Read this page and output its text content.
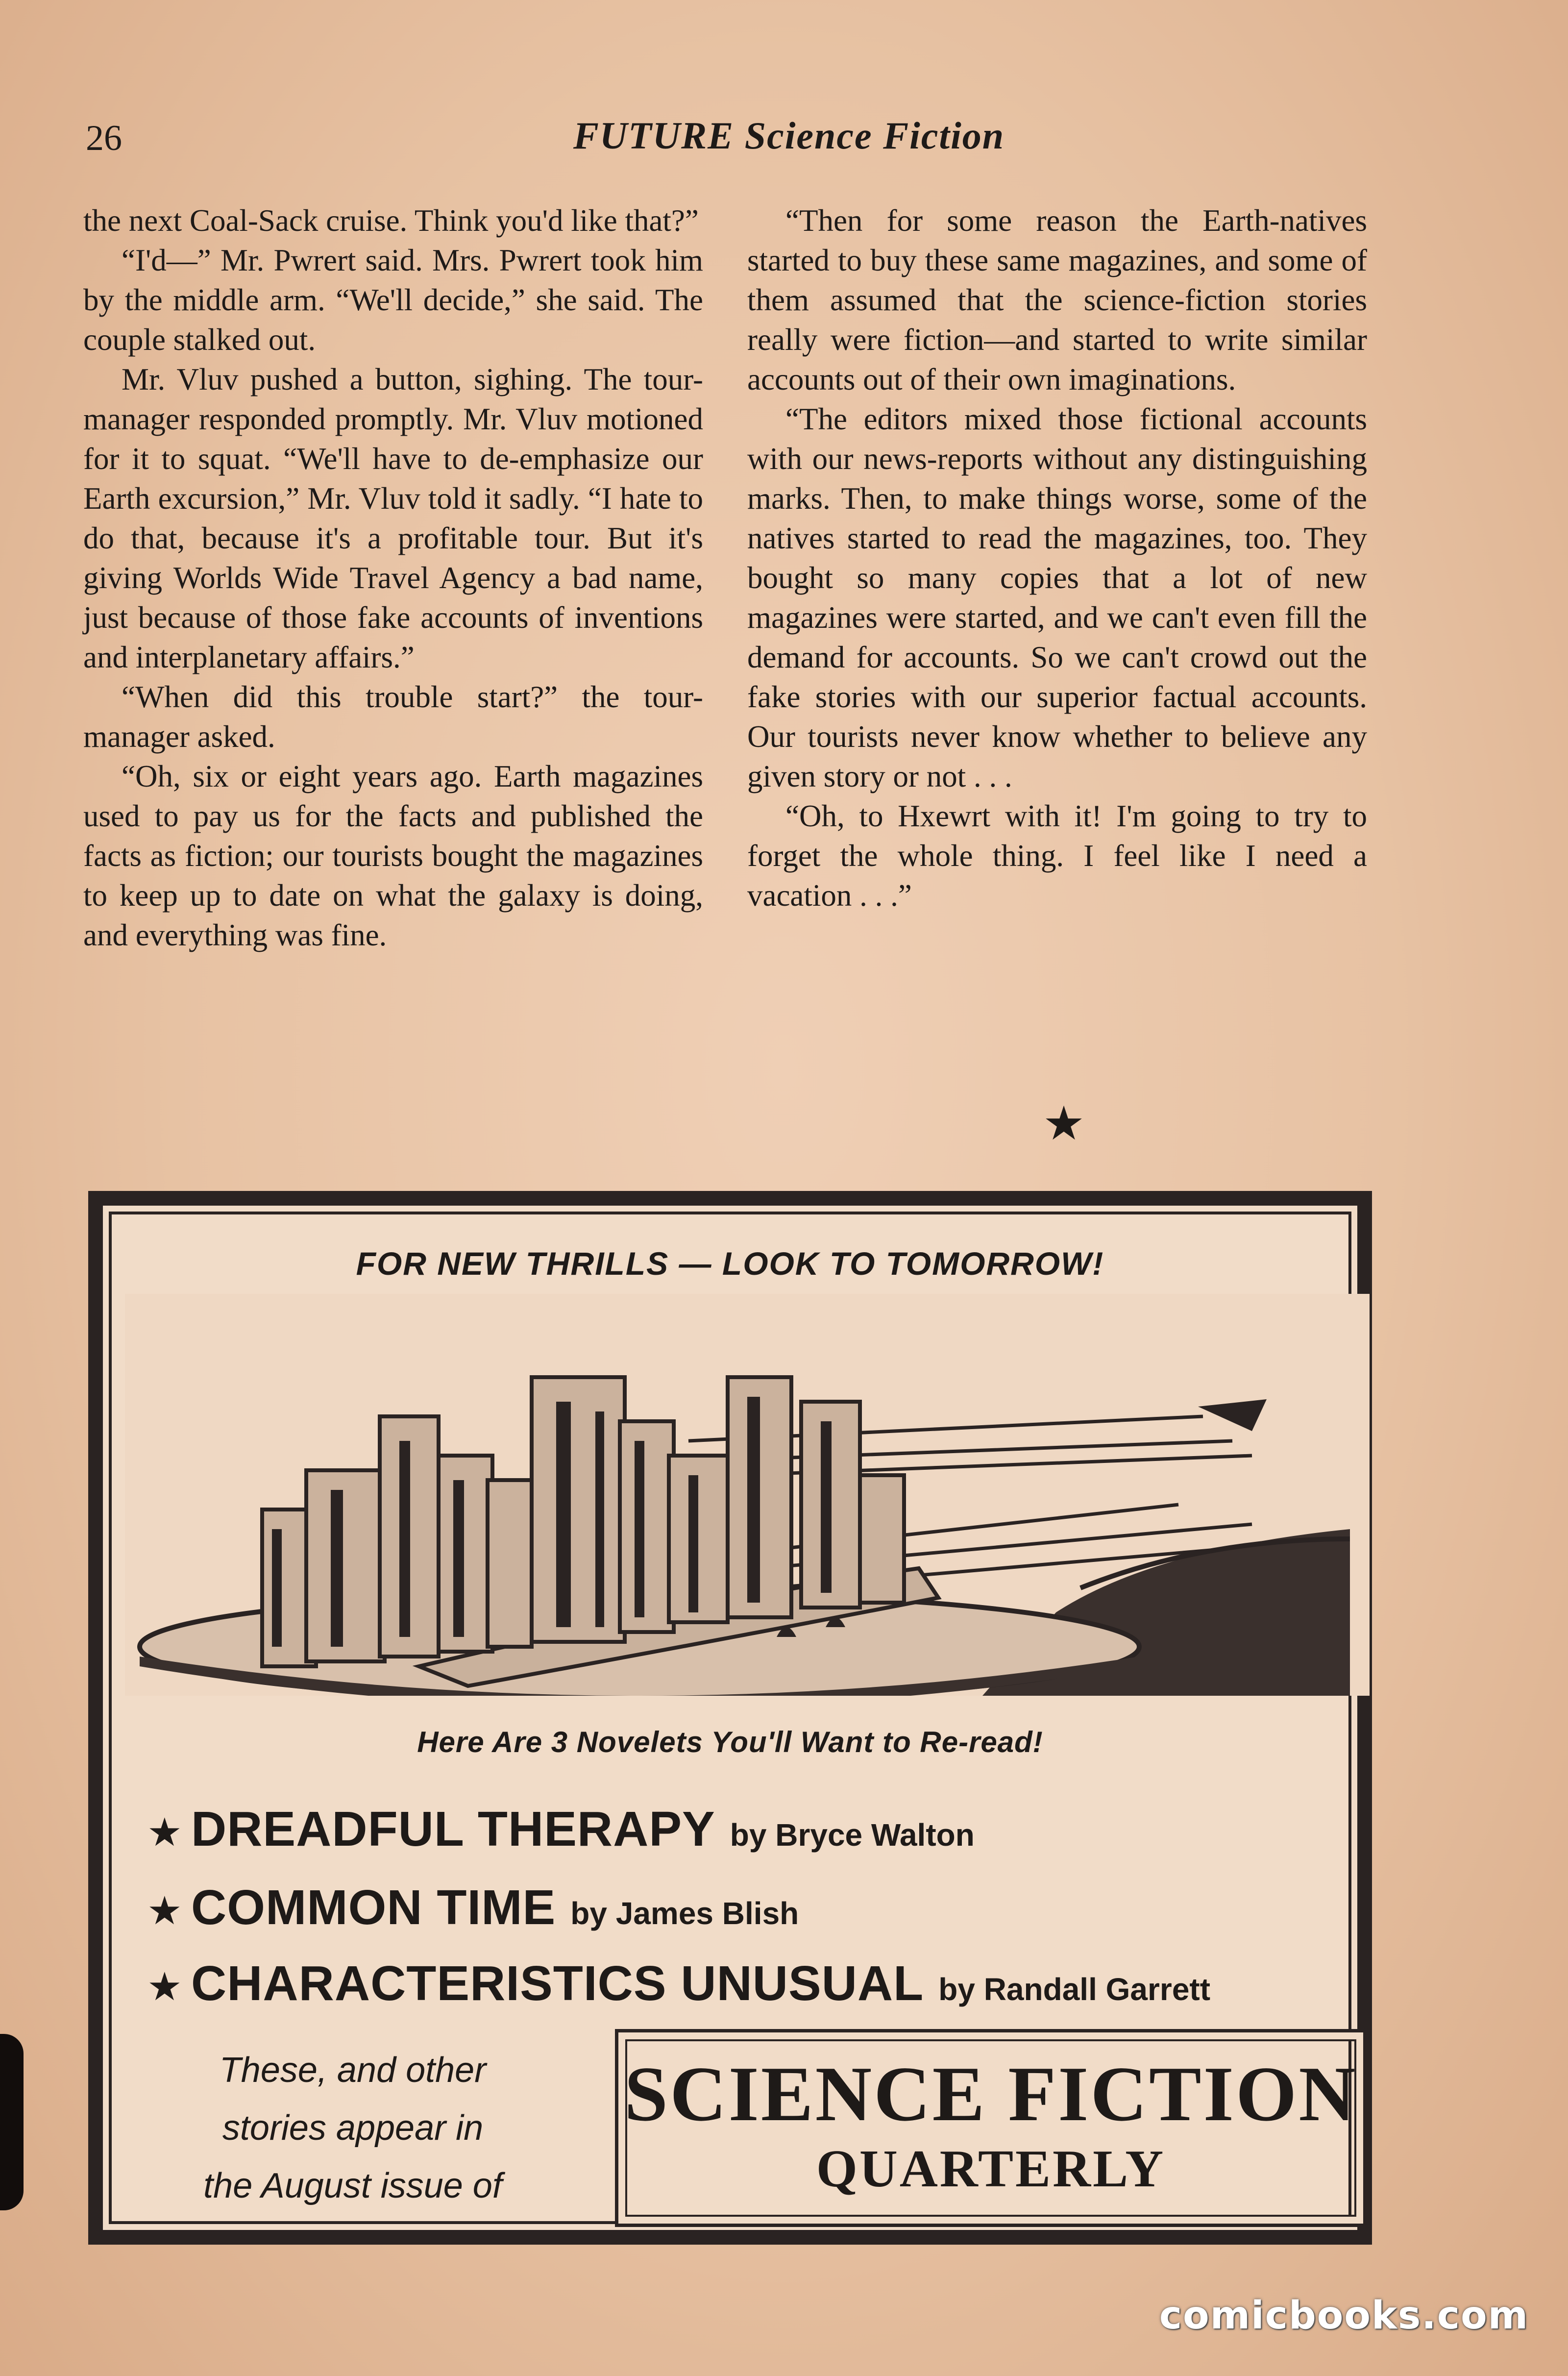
26	FUTURE Science Fiction

the next Coal-Sack cruise. Think you'd like that?”

“I'd—” Mr. Pwrert said. Mrs. Pwrert took him by the middle arm. “We'll decide,” she said. The couple stalked out.

Mr. Vluv pushed a button, sighing. The tour-manager responded promptly. Mr. Vluv motioned for it to squat. “We'll have to de-emphasize our Earth excursion,” Mr. Vluv told it sadly. “I hate to do that, because it's a profitable tour. But it's giving Worlds Wide Travel Agency a bad name, just because of those fake accounts of inventions and interplanetary affairs.”

“When did this trouble start?” the tour-manager asked.

“Oh, six or eight years ago. Earth magazines used to pay us for the facts and published the facts as fiction; our tourists bought the magazines to keep up to date on what the galaxy is doing, and everything was fine.

“Then for some reason the Earth-natives started to buy these same magazines, and some of them assumed that the science-fiction stories really were fiction—and started to write similar accounts out of their own imaginations.

“The editors mixed those fictional accounts with our news-reports without any distinguishing marks. Then, to make things worse, some of the natives started to read the magazines, too. They bought so many copies that a lot of new magazines were started, and we can't even fill the demand for accounts. So we can't crowd out the fake stories with our superior factual accounts. Our tourists never know whether to believe any given story or not . . .

“Oh, to Hxewrt with it! I'm going to try to forget the whole thing. I feel like I need a vacation . . .”

★
FOR NEW THRILLS — LOOK TO TOMORROW!
Here Are 3 Novelets You'll Want to Re-read!
★ DREADFUL THERAPY by Bryce Walton
★ COMMON TIME by James Blish
★ CHARACTERISTICS UNUSUAL by Randall Garrett
These, and other
stories appear in
the August issue of
SCIENCE FICTION
QUARTERLY
comicbooks.com
